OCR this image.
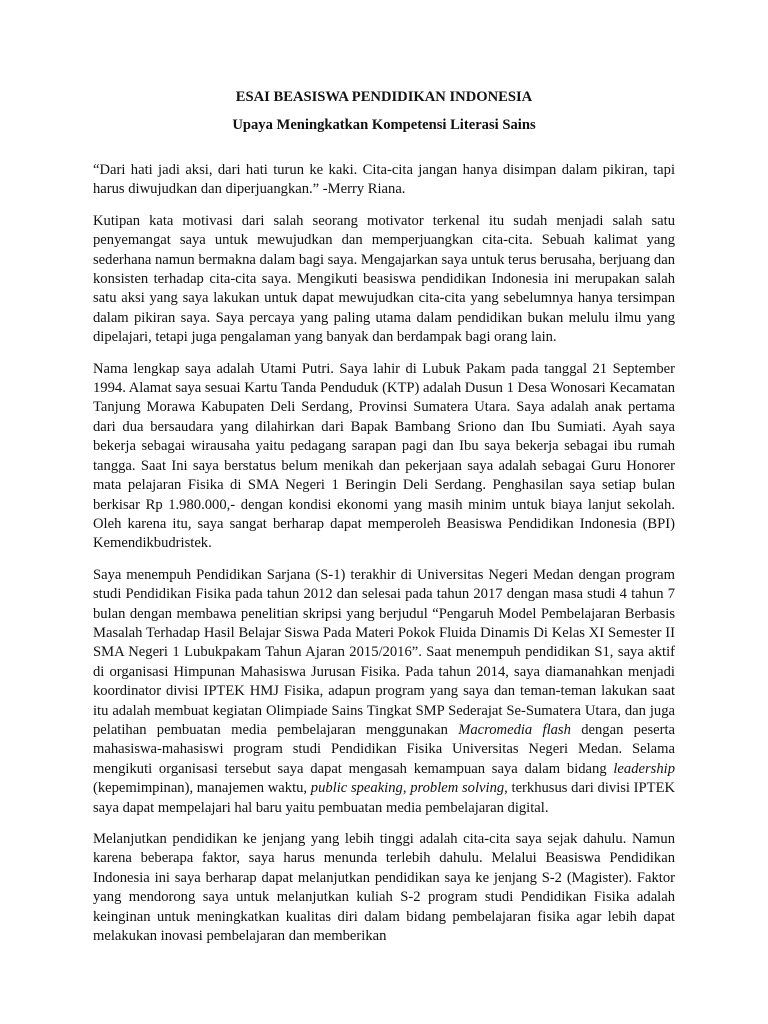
ESAI BEASISWA PENDIDIKAN INDONESIA
Upaya Meningkatkan Kompetensi Literasi Sains

“Dari hati jadi aksi, dari hati turun ke kaki. Cita-cita jangan hanya disimpan dalam pikiran, tapi harus diwujudkan dan diperjuangkan.” -Merry Riana.

Kutipan kata motivasi dari salah seorang motivator terkenal itu sudah menjadi salah satu penyemangat saya untuk mewujudkan dan memperjuangkan cita-cita. Sebuah kalimat yang sederhana namun bermakna dalam bagi saya. Mengajarkan saya untuk terus berusaha, berjuang dan konsisten terhadap cita-cita saya. Mengikuti beasiswa pendidikan Indonesia ini merupakan salah satu aksi yang saya lakukan untuk dapat mewujudkan cita-cita yang sebelumnya hanya tersimpan dalam pikiran saya. Saya percaya yang paling utama dalam pendidikan bukan melulu ilmu yang dipelajari, tetapi juga pengalaman yang banyak dan berdampak bagi orang lain.

Nama lengkap saya adalah Utami Putri. Saya lahir di Lubuk Pakam pada tanggal 21 September 1994. Alamat saya sesuai Kartu Tanda Penduduk (KTP) adalah Dusun 1 Desa Wonosari Kecamatan Tanjung Morawa Kabupaten Deli Serdang, Provinsi Sumatera Utara. Saya adalah anak pertama dari dua bersaudara yang dilahirkan dari Bapak Bambang Sriono dan Ibu Sumiati. Ayah saya bekerja sebagai wirausaha yaitu pedagang sarapan pagi dan Ibu saya bekerja sebagai ibu rumah tangga. Saat Ini saya berstatus belum menikah dan pekerjaan saya adalah sebagai Guru Honorer mata pelajaran Fisika di SMA Negeri 1 Beringin Deli Serdang. Penghasilan saya setiap bulan berkisar Rp 1.980.000,- dengan kondisi ekonomi yang masih minim untuk biaya lanjut sekolah. Oleh karena itu, saya sangat berharap dapat memperoleh Beasiswa Pendidikan Indonesia (BPI) Kemendikbudristek.

Saya menempuh Pendidikan Sarjana (S-1) terakhir di Universitas Negeri Medan dengan program studi Pendidikan Fisika pada tahun 2012 dan selesai pada tahun 2017 dengan masa studi 4 tahun 7 bulan dengan membawa penelitian skripsi yang berjudul “Pengaruh Model Pembelajaran Berbasis Masalah Terhadap Hasil Belajar Siswa Pada Materi Pokok Fluida Dinamis Di Kelas XI Semester II SMA Negeri 1 Lubukpakam Tahun Ajaran 2015/2016”. Saat menempuh pendidikan S1, saya aktif di organisasi Himpunan Mahasiswa Jurusan Fisika. Pada tahun 2014, saya diamanahkan menjadi koordinator divisi IPTEK HMJ Fisika, adapun program yang saya dan teman-teman lakukan saat itu adalah membuat kegiatan Olimpiade Sains Tingkat SMP Sederajat Se-Sumatera Utara, dan juga pelatihan pembuatan media pembelajaran menggunakan Macromedia flash dengan peserta mahasiswa-mahasiswi program studi Pendidikan Fisika Universitas Negeri Medan. Selama mengikuti organisasi tersebut saya dapat mengasah kemampuan saya dalam bidang leadership (kepemimpinan), manajemen waktu, public speaking, problem solving, terkhusus dari divisi IPTEK saya dapat mempelajari hal baru yaitu pembuatan media pembelajaran digital.

Melanjutkan pendidikan ke jenjang yang lebih tinggi adalah cita-cita saya sejak dahulu. Namun karena beberapa faktor, saya harus menunda terlebih dahulu. Melalui Beasiswa Pendidikan Indonesia ini saya berharap dapat melanjutkan pendidikan saya ke jenjang S-2 (Magister). Faktor yang mendorong saya untuk melanjutkan kuliah S-2 program studi Pendidikan Fisika adalah keinginan untuk meningkatkan kualitas diri dalam bidang pembelajaran fisika agar lebih dapat melakukan inovasi pembelajaran dan memberikan
